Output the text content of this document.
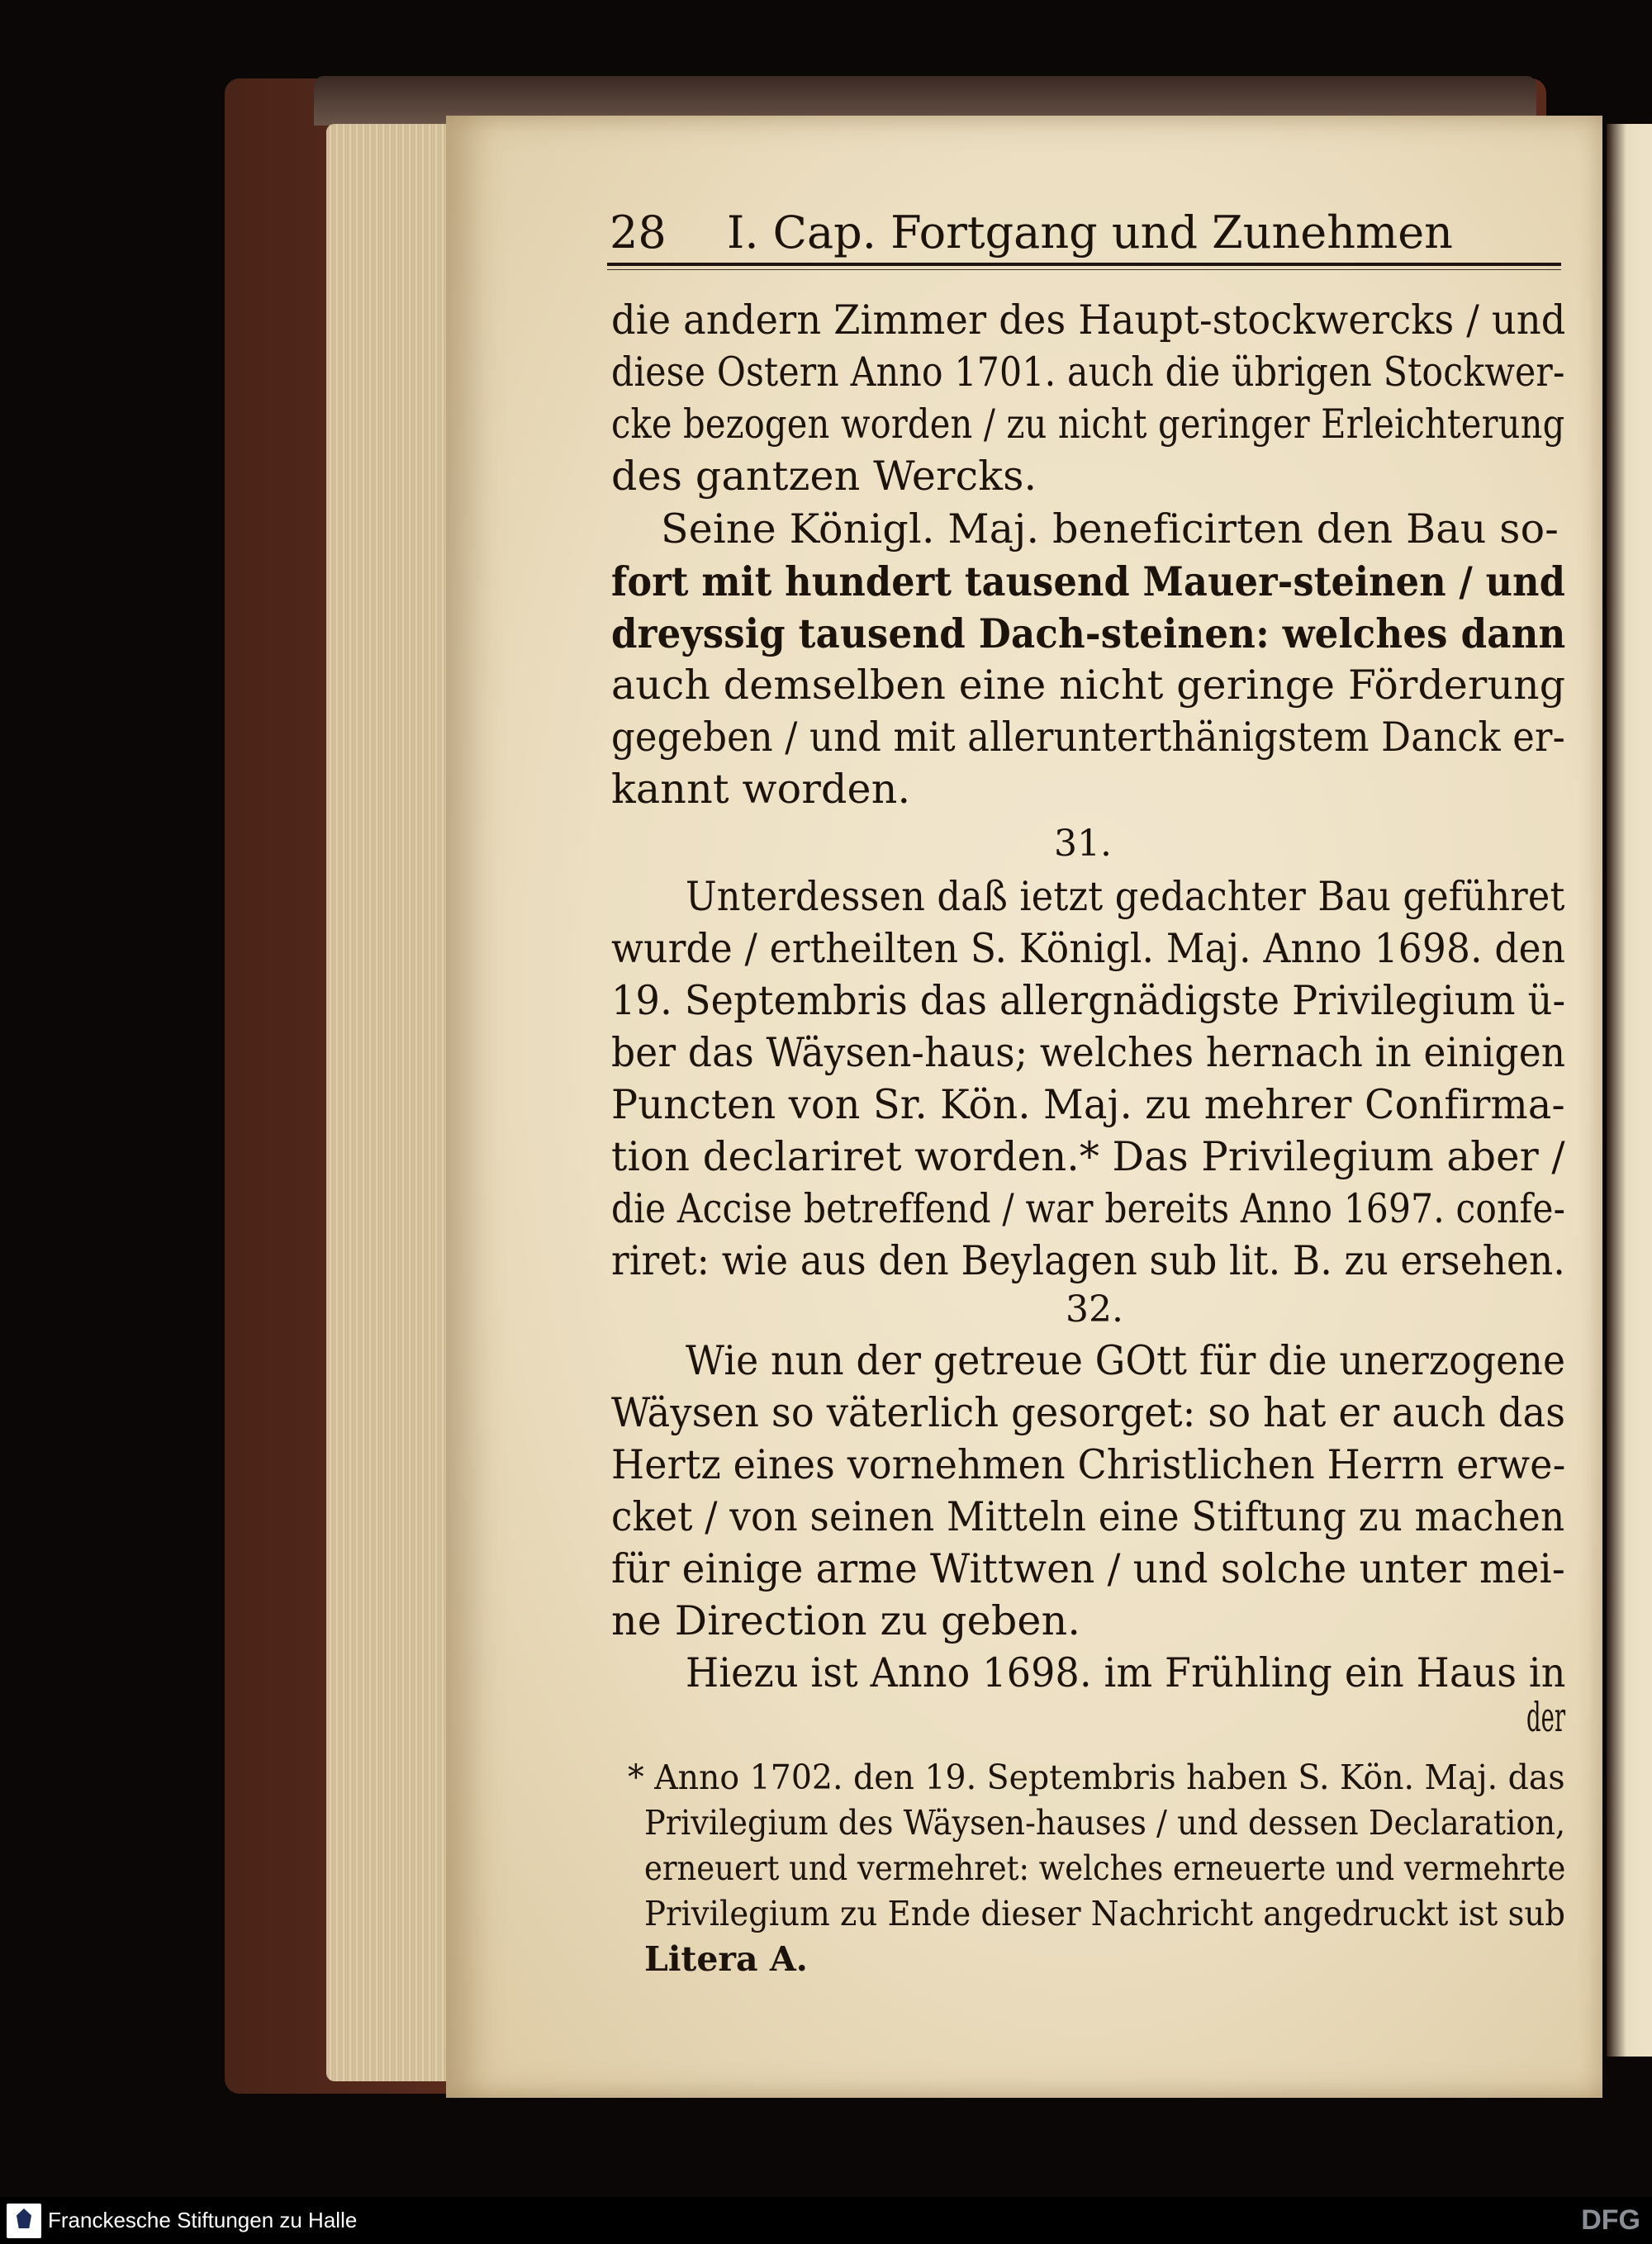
28 I. Cap. Fortgang und Zunehmen
die andern Zimmer des Haupt-stockwercks / und
diese Ostern Anno 1701. auch die übrigen Stockwer-
cke bezogen worden / zu nicht geringer Erleichterung
des gantzen Wercks.
Seine Königl. Maj. beneficirten den Bau so-
fort mit hundert tausend Mauer-steinen / und
dreyssig tausend Dach-steinen: welches dann
auch demselben eine nicht geringe Förderung
gegeben / und mit allerunterthänigstem Danck er-
kannt worden.
31.
Unterdessen daß ietzt gedachter Bau geführet
wurde / ertheilten S. Königl. Maj. Anno 1698. den
19. Septembris das allergnädigste Privilegium ü-
ber das Wäysen-haus; welches hernach in einigen
Puncten von Sr. Kön. Maj. zu mehrer Confirma-
tion declariret worden.* Das Privilegium aber /
die Accise betreffend / war bereits Anno 1697. confe-
riret: wie aus den Beylagen sub lit. B. zu ersehen.
32.
Wie nun der getreue GOtt für die unerzogene
Wäysen so väterlich gesorget: so hat er auch das
Hertz eines vornehmen Christlichen Herrn erwe-
cket / von seinen Mitteln eine Stiftung zu machen
für einige arme Wittwen / und solche unter mei-
ne Direction zu geben.
Hiezu ist Anno 1698. im Frühling ein Haus in
der
* Anno 1702. den 19. Septembris haben S. Kön. Maj. das
Privilegium des Wäysen-hauses / und dessen Declaration,
erneuert und vermehret: welches erneuerte und vermehrte
Privilegium zu Ende dieser Nachricht angedruckt ist sub
Litera A.
Franckesche Stiftungen zu Halle	DFG
